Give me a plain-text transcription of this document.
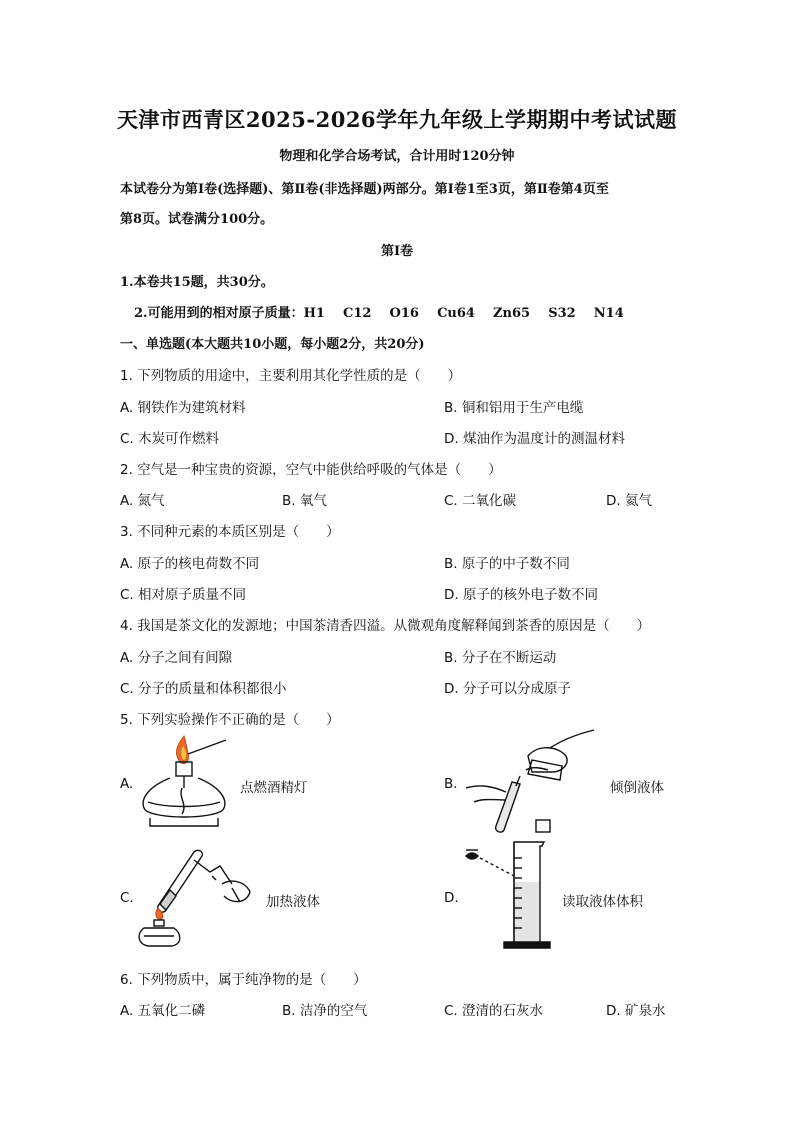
天津市西青区2025-2026学年九年级上学期期中考试试题
物理和化学合场考试，合计用时120分钟
本试卷分为第Ⅰ卷(选择题)、第Ⅱ卷(非选择题)两部分。第Ⅰ卷1至3页，第Ⅱ卷第4页至
第8页。试卷满分100分。
第Ⅰ卷
1.本卷共15题，共30分。
2.可能用到的相对原子质量：H1    C12    O16    Cu64    Zn65    S32    N14
一、单选题(本大题共10小题，每小题2分，共20分)
1. 下列物质的用途中，主要利用其化学性质的是（　　）
A. 钢铁作为建筑材料	B. 铜和铝用于生产电缆
C. 木炭可作燃料	D. 煤油作为温度计的测温材料
2. 空气是一种宝贵的资源，空气中能供给呼吸的气体是（　　）
A. 氮气	B. 氧气	C. 二氧化碳	D. 氦气
3. 不同种元素的本质区别是（　　）
A. 原子的核电荷数不同	B. 原子的中子数不同
C. 相对原子质量不同	D. 原子的核外电子数不同
4. 我国是茶文化的发源地；中国茶清香四溢。从微观角度解释闻到茶香的原因是（　　）
A. 分子之间有间隙	B. 分子在不断运动
C. 分子的质量和体积都很小	D. 分子可以分成原子
5. 下列实验操作不正确的是（　　）
A.	点燃酒精灯	B.	倾倒液体
C.	加热液体	D.	读取液体体积
6. 下列物质中，属于纯净物的是（　　）
A. 五氧化二磷	B. 洁净的空气	C. 澄清的石灰水	D. 矿泉水
